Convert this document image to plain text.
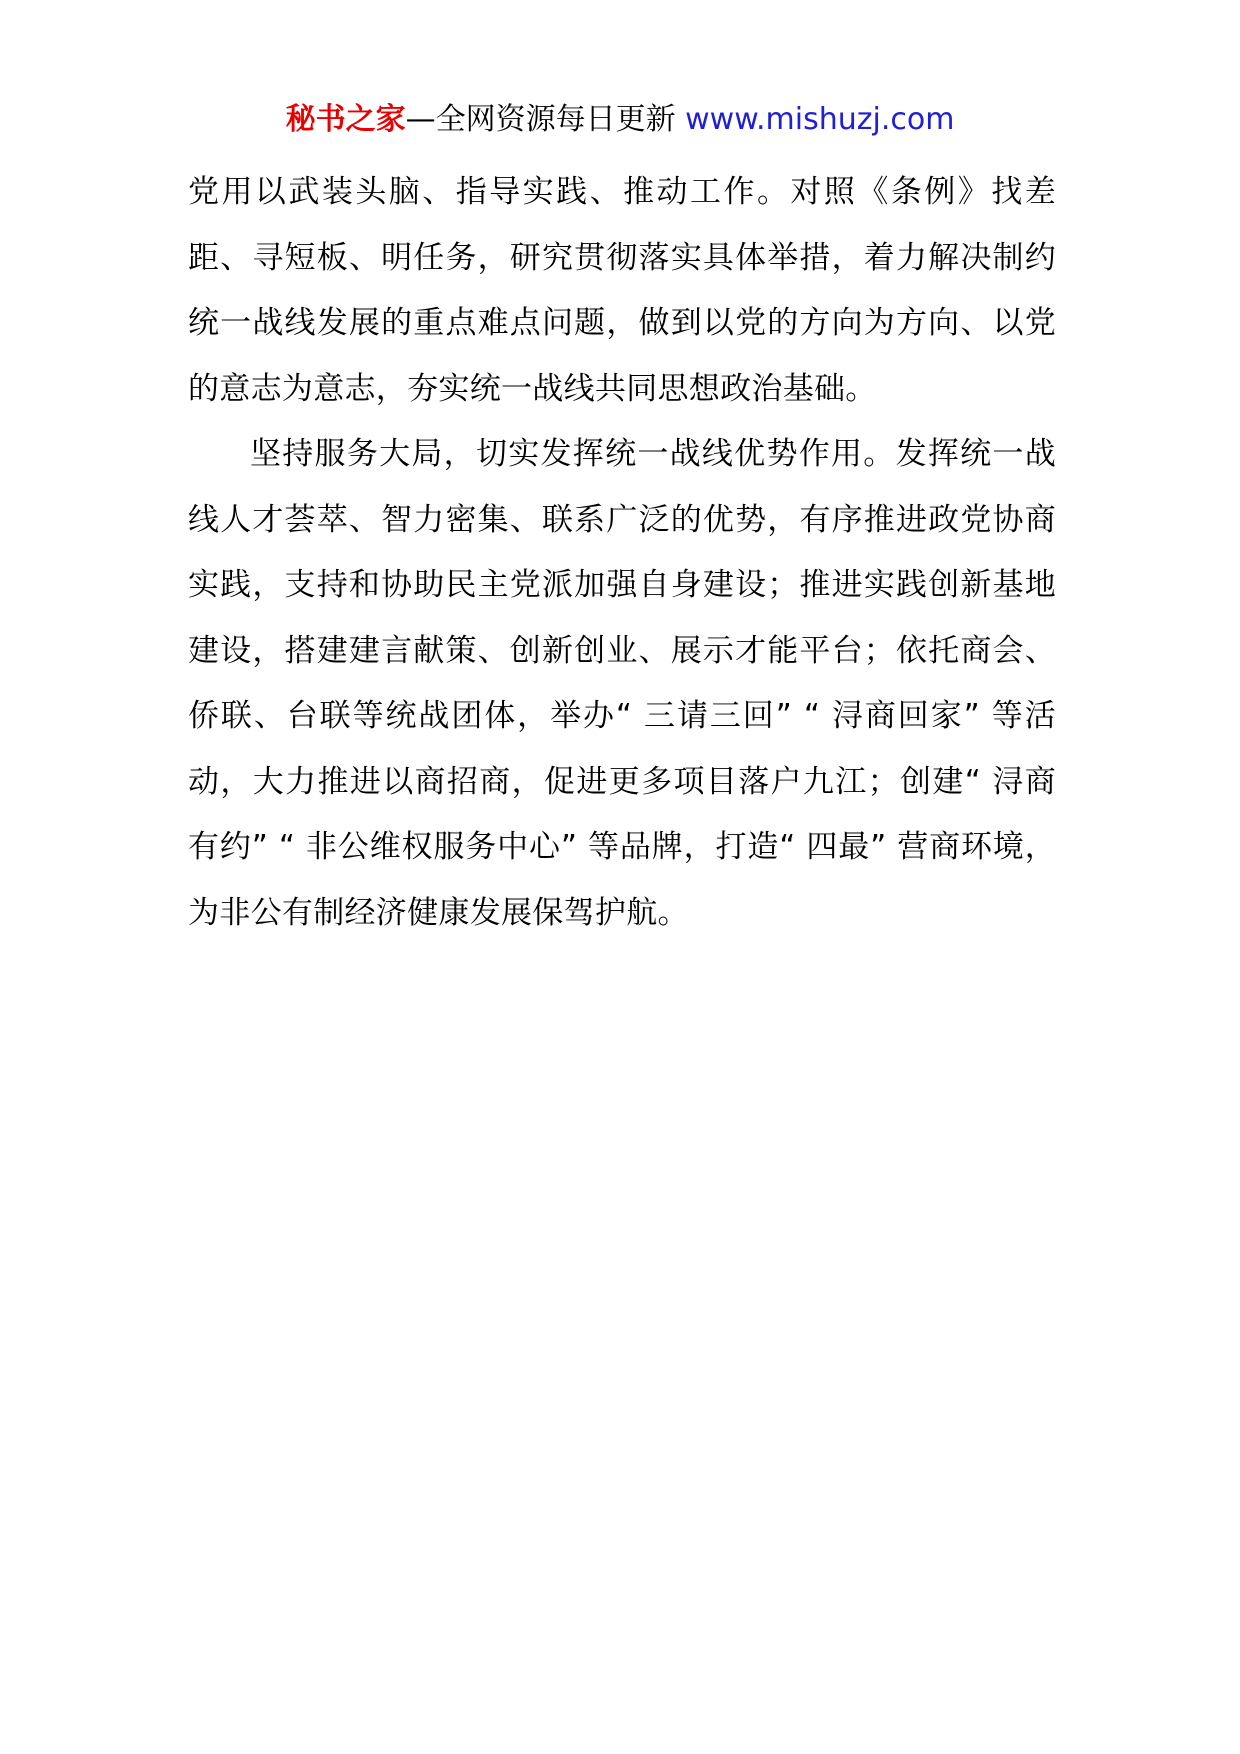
秘书之家—全网资源每日更新 www.mishuzj.com

党用以武装头脑、指导实践、推动工作。对照《条例》找差距、寻短板、明任务，研究贯彻落实具体举措，着力解决制约统一战线发展的重点难点问题，做到以党的方向为方向、以党的意志为意志，夯实统一战线共同思想政治基础。

坚持服务大局，切实发挥统一战线优势作用。发挥统一战线人才荟萃、智力密集、联系广泛的优势，有序推进政党协商实践，支持和协助民主党派加强自身建设；推进实践创新基地建设，搭建建言献策、创新创业、展示才能平台；依托商会、侨联、台联等统战团体，举办“ 三请三回” “ 浔商回家” 等活动，大力推进以商招商，促进更多项目落户九江；创建“ 浔商有约” “ 非公维权服务中心” 等品牌，打造“ 四最” 营商环境，为非公有制经济健康发展保驾护航。
